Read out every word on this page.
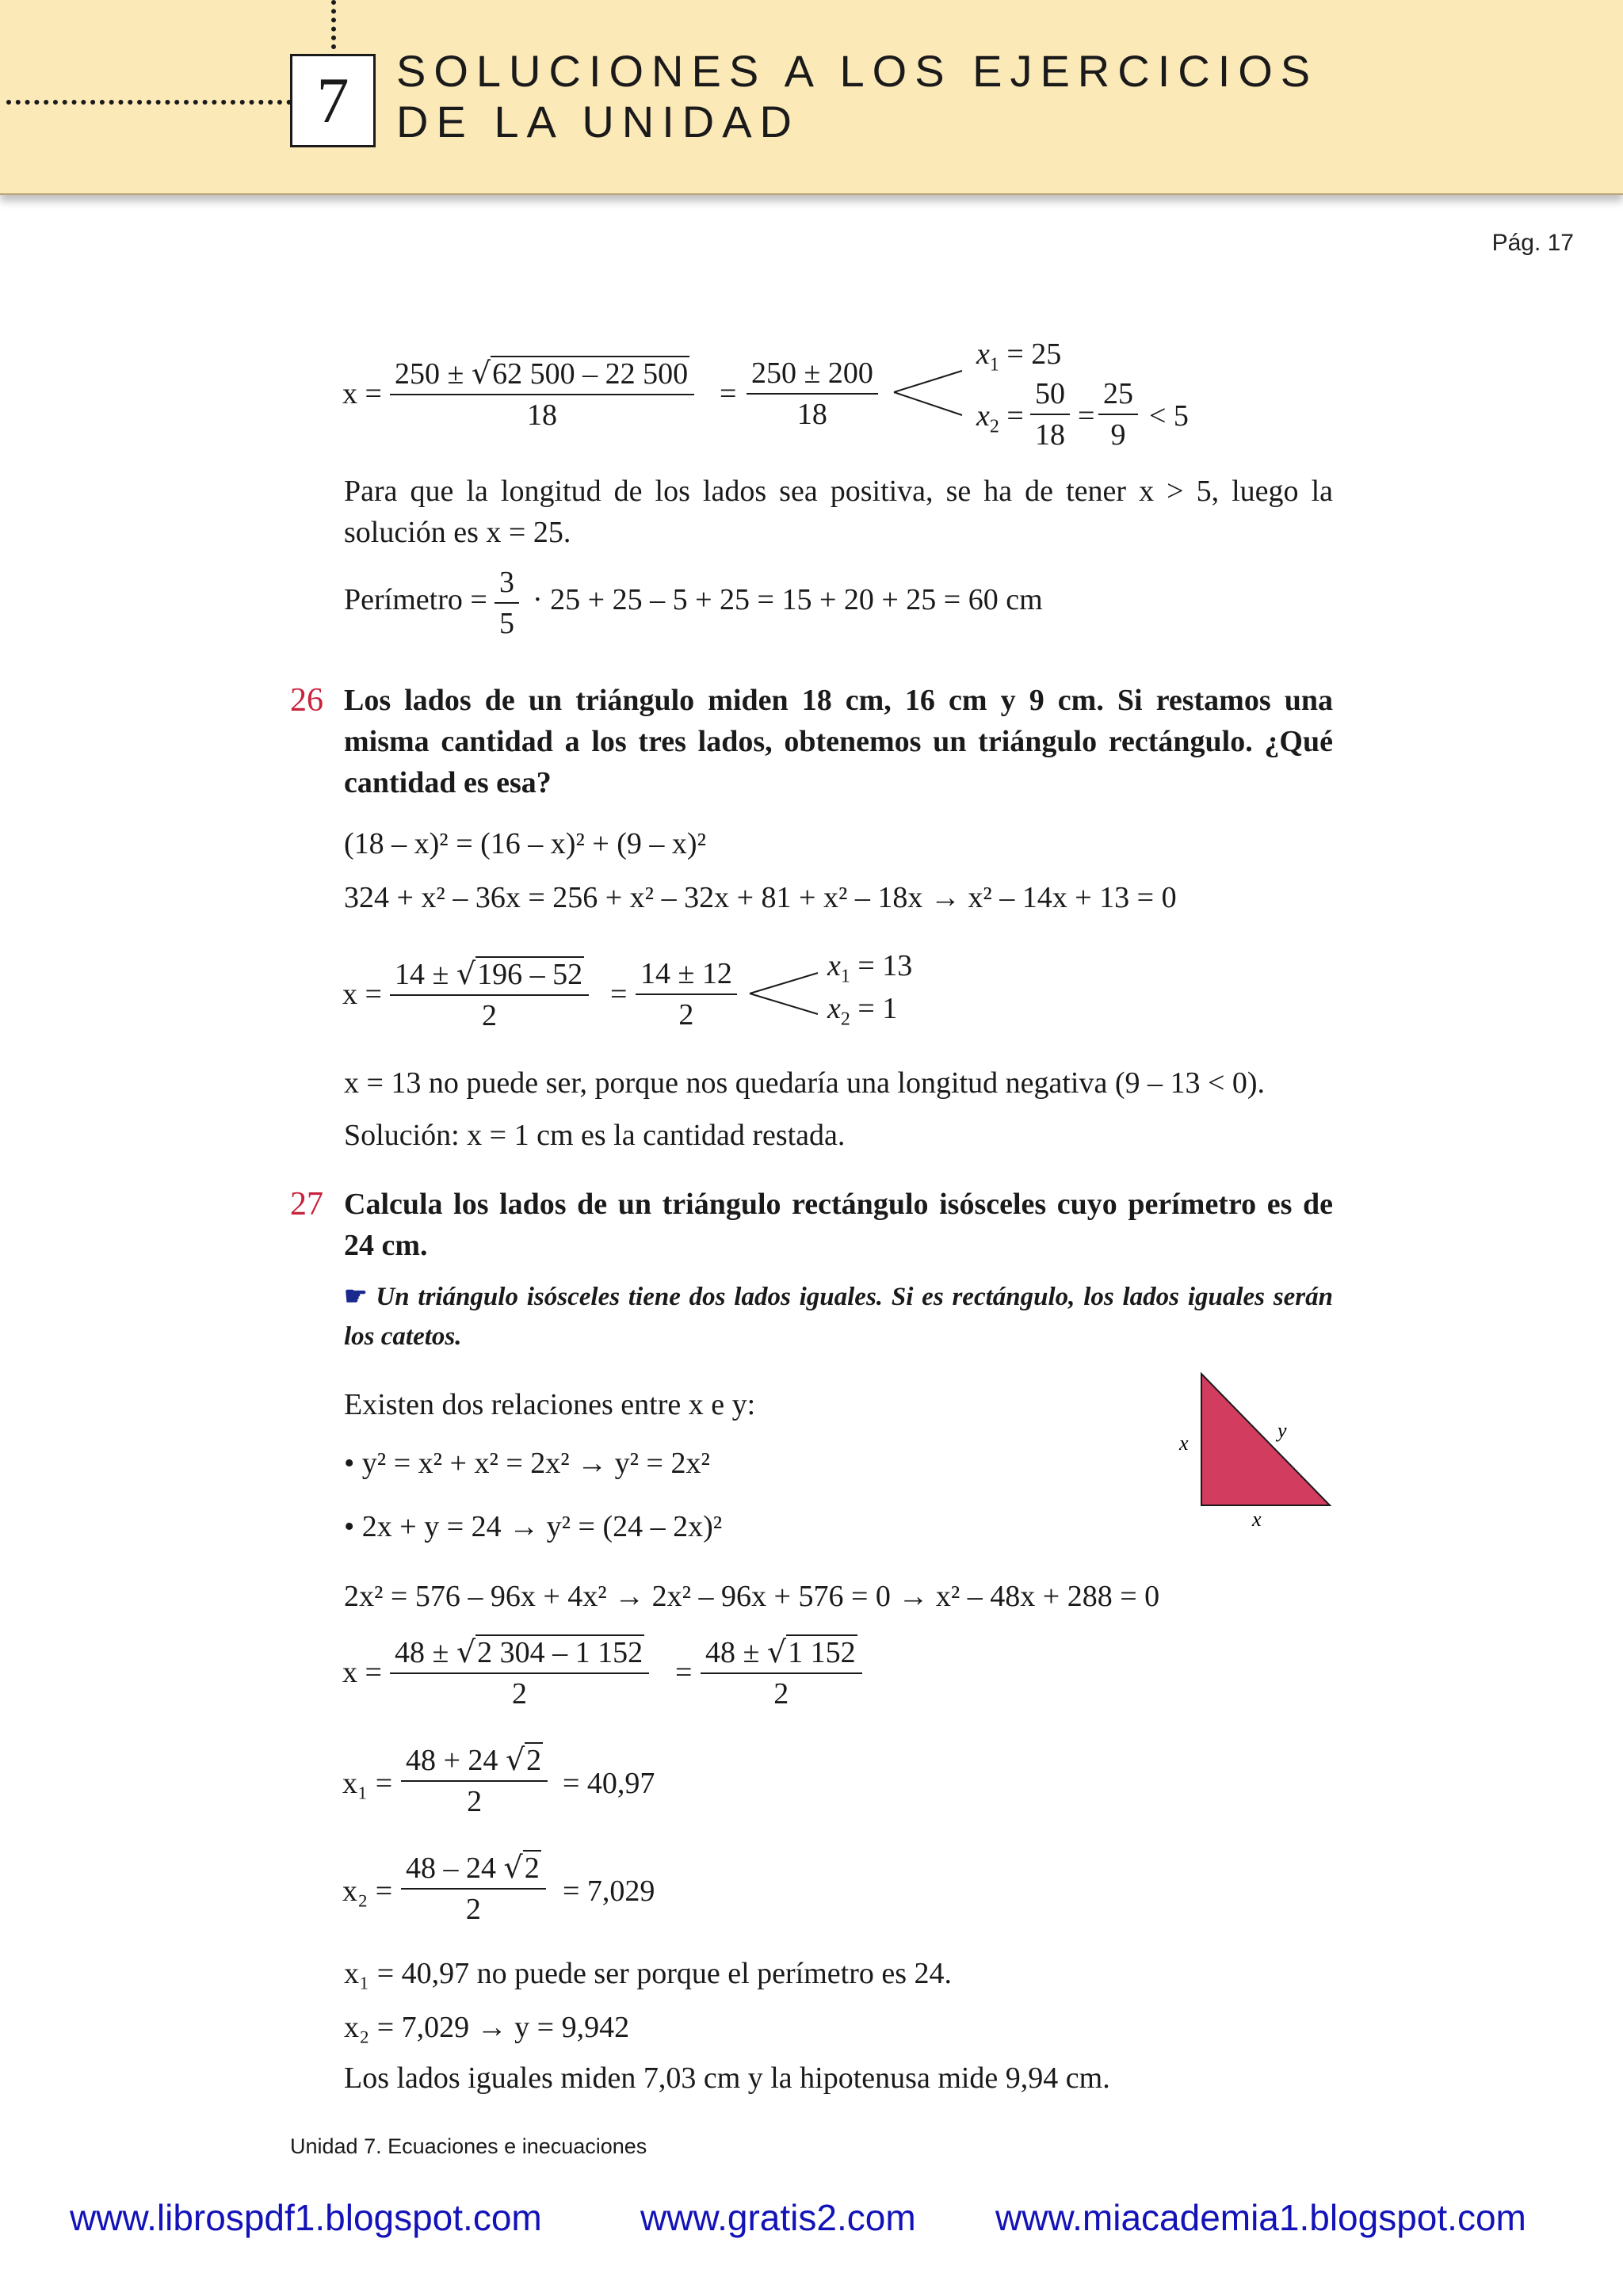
7	SOLUCIONES A LOS EJERCICIOS
DE LA UNIDAD
Pág. 17
$x = \frac{250 \pm √62 500 - 22 500}{18} = \frac{250 \pm 200}{18}$
$x_1 = 25$
$x_2 = \frac{50}{18} = \frac{25}{9} < 5$
Para que la longitud de los lados sea positiva, se ha de tener x > 5, luego la solución es x = 25.
Perímetro = $\frac{3}{5} \cdot 25 + 25 - 5 + 25 = 15 + 20 + 25 = 60$ cm
26 Los lados de un triángulo miden 18 cm, 16 cm y 9 cm. Si restamos una misma cantidad a los tres lados, obtenemos un triángulo rectángulo. ¿Qué cantidad es esa?
(18 – x)² = (16 – x)² + (9 – x)²
324 + x² – 36x = 256 + x² – 32x + 81 + x² – 18x → x² – 14x + 13 = 0
$x = \frac{14 \pm √196 - 52}{2} = \frac{14 \pm 12}{2}$	$x_1 = 13$
$x_2 = 1$
x = 13 no puede ser, porque nos quedaría una longitud negativa (9 – 13 < 0).
Solución: x = 1 cm es la cantidad restada.
27 Calcula los lados de un triángulo rectángulo isósceles cuyo perímetro es de 24 cm.
☛ Un triángulo isósceles tiene dos lados iguales. Si es rectángulo, los lados iguales serán los catetos.
Existen dos relaciones entre x e y:
• y² = x² + x² = 2x² → y² = 2x²
• 2x + y = 24 → y² = (24 – 2x)²
x
y
x
2x² = 576 – 96x + 4x² → 2x² – 96x + 576 = 0 → x² – 48x + 288 = 0
$x = \frac{48 \pm √2 304 - 1 152}{2} = \frac{48 \pm √1 152}{2}$
$x_1 = \frac{48 + 24 √2}{2} = 40,97$
$x_2 = \frac{48 - 24 √2}{2} = 7,029$
x₁ = 40,97 no puede ser porque el perímetro es 24.
x₂ = 7,029 → y = 9,942
Los lados iguales miden 7,03 cm y la hipotenusa mide 9,94 cm.
Unidad 7. Ecuaciones e inecuaciones
www.librospdf1.blogspot.com	www.gratis2.com www.miacademia1.blogspot.com
